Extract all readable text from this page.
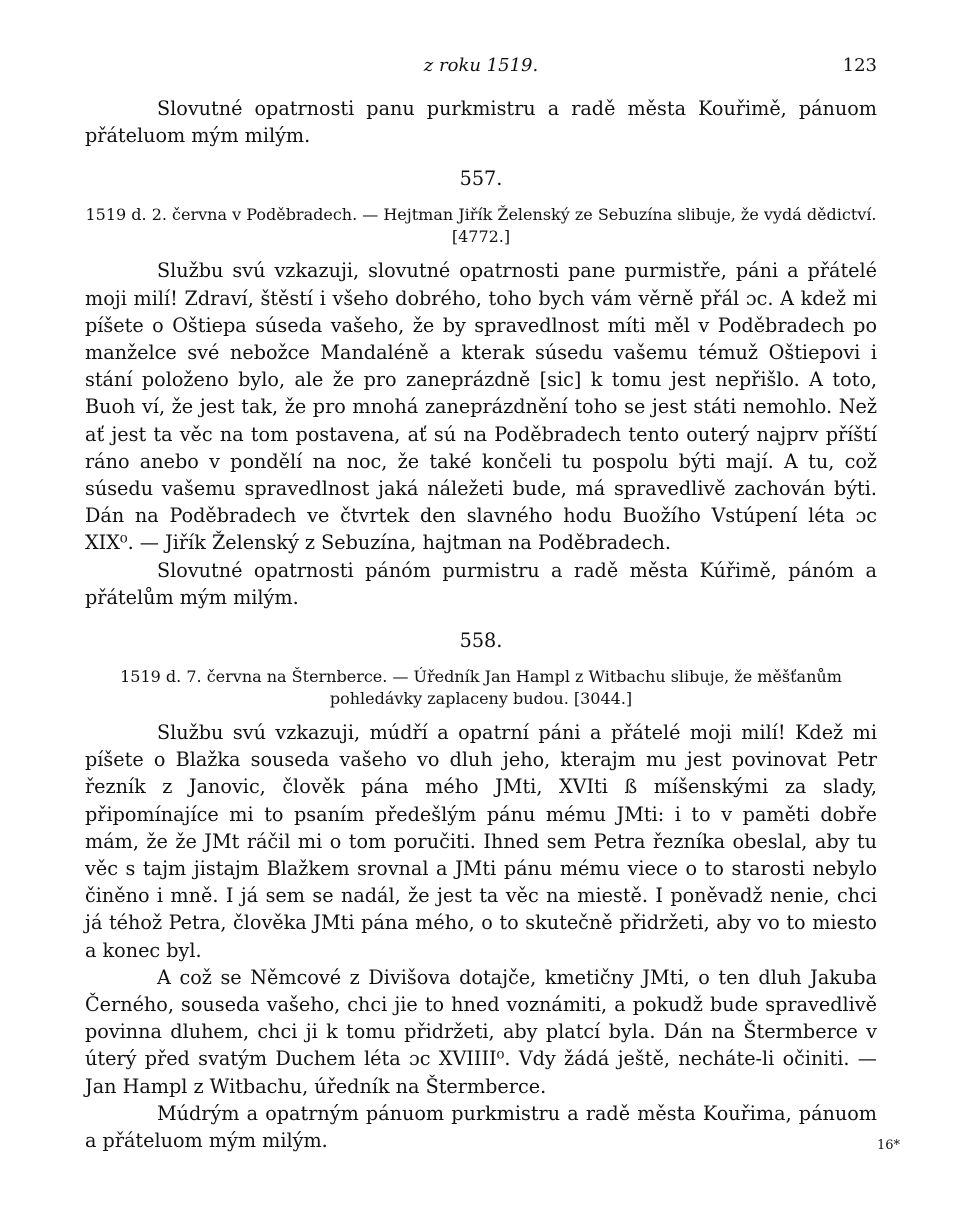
z roku 1519.	123

Slovutné opatrnosti panu purkmistru a radě města Kouřimě, pánuom přáteluom mým milým.

557.
1519 d. 2. června v Poděbradech. — Hejtman Jiřík Želenský ze Sebuzína slibuje, že vydá dědictví. [4772.]

Službu svú vzkazuji, slovutné opatrnosti pane purmistře, páni a přátelé moji milí! Zdraví, štěstí i všeho dobrého, toho bych vám věrně přál ɔc. A kdež mi píšete o Oštiepa súseda vašeho, že by spravedlnost míti měl v Poděbradech po manželce své nebožce Mandaléně a kterak súsedu vašemu témuž Oštiepovi i stání položeno bylo, ale že pro zaneprázdně [sic] k tomu jest nepřišlo. A toto, Buoh ví, že jest tak, že pro mnohá zaneprázdnění toho se jest státi nemohlo. Než ať jest ta věc na tom postavena, ať sú na Poděbradech tento outerý najprv příští ráno anebo v pondělí na noc, že také končeli tu pospolu býti mají. A tu, což súsedu vašemu spravedlnost jaká náležeti bude, má spravedlivě zachován býti. Dán na Poděbradech ve čtvrtek den slavného hodu Buožího Vstúpení léta ɔc XIX⁰. — Jiřík Želenský z Sebuzína, hajtman na Poděbradech.

Slovutné opatrnosti pánóm purmistru a radě města Kúřimě, pánóm a přátelům mým milým.

558.
1519 d. 7. června na Šternberce. — Úředník Jan Hampl z Witbachu slibuje, že měšťanům pohledávky zaplaceny budou. [3044.]

Službu svú vzkazuji, múdří a opatrní páni a přátelé moji milí! Kdež mi píšete o Blažka souseda vašeho vo dluh jeho, kterajm mu jest povinovat Petr řezník z Janovic, člověk pána mého JMti, XVIti ß míšenskými za slady, připomínajíce mi to psaním předešlým pánu mému JMti: i to v paměti dobře mám, že že JMt ráčil mi o tom poručiti. Ihned sem Petra řezníka obeslal, aby tu věc s tajm jistajm Blažkem srovnal a JMti pánu mému viece o to starosti nebylo činěno i mně. I já sem se nadál, že jest ta věc na miestě. I poněvadž nenie, chci já téhož Petra, člověka JMti pána mého, o to skutečně přidržeti, aby vo to miesto a konec byl.

A což se Němcové z Divišova dotajče, kmetičny JMti, o ten dluh Jakuba Černého, souseda vašeho, chci jie to hned voznámiti, a pokudž bude spravedlivě povinna dluhem, chci ji k tomu přidržeti, aby platcí byla. Dán na Štermberce v úterý před svatým Duchem léta ɔc XVIIII⁰. Vdy žádá ještě, necháte-li očiniti. — Jan Hampl z Witbachu, úředník na Štermberce.

Múdrým a opatrným pánuom purkmistru a radě města Kouřima, pánuom a přáteluom mým milým.	16*
